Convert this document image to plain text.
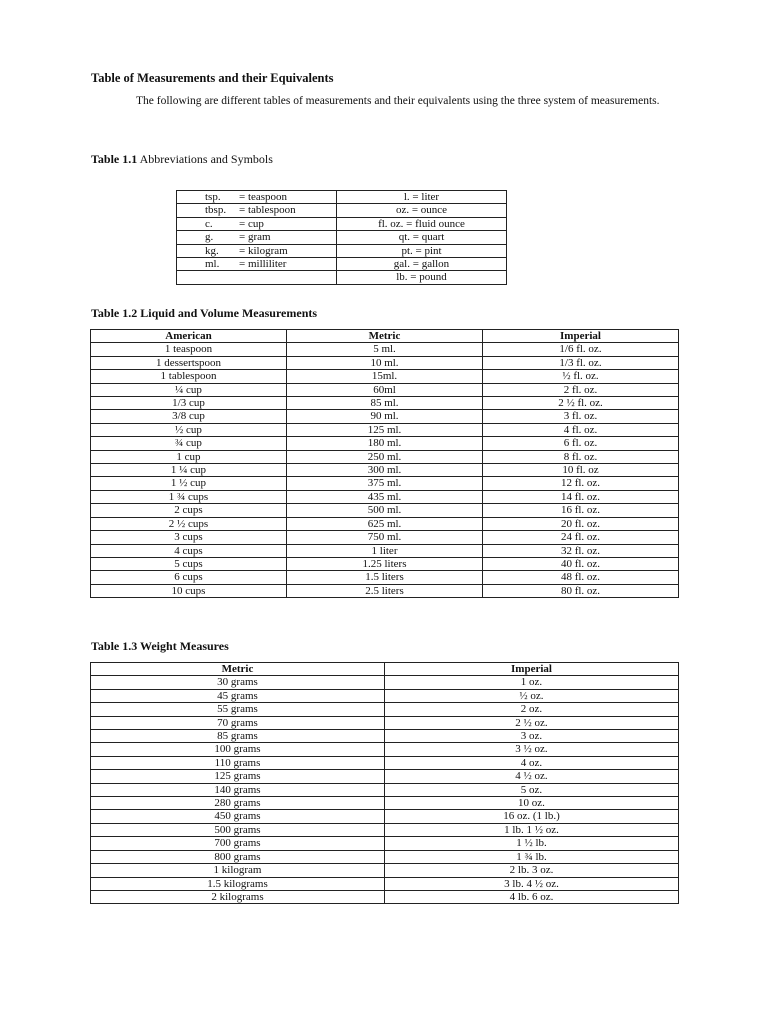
Table of Measurements and their Equivalents

The following are different tables of measurements and their equivalents using the three system of measurements.

Table 1.1 Abbreviations and Symbols
tsp. = teaspoon	l. = liter
tbsp. = tablespoon	oz. = ounce
c. = cup	fl. oz. = fluid ounce
g. = gram	qt. = quart
kg. = kilogram	pt. = pint
ml. = milliliter	gal. = gallon
	lb. = pound
Table 1.2 Liquid and Volume Measurements
American	Metric	Imperial
1 teaspoon	5 ml.	1/6 fl. oz.
1 dessertspoon	10 ml.	1/3 fl. oz.
1 tablespoon	15ml.	½ fl. oz.
¼ cup	60ml	2 fl. oz.
1/3 cup	85 ml.	2 ½ fl. oz.
3/8 cup	90 ml.	3 fl. oz.
½ cup	125 ml.	4 fl. oz.
¾ cup	180 ml.	6 fl. oz.
1 cup	250 ml.	8 fl. oz.
1 ¼ cup	300 ml.	10 fl. oz
1 ½ cup	375 ml.	12 fl. oz.
1 ¾ cups	435 ml.	14 fl. oz.
2 cups	500 ml.	16 fl. oz.
2 ½ cups	625 ml.	20 fl. oz.
3 cups	750 ml.	24 fl. oz.
4 cups	1 liter	32 fl. oz.
5 cups	1.25 liters	40 fl. oz.
6 cups	1.5 liters	48 fl. oz.
10 cups	2.5 liters	80 fl. oz.
Table 1.3 Weight Measures
Metric	Imperial
30 grams	1 oz.
45 grams	½ oz.
55 grams	2 oz.
70 grams	2 ½ oz.
85 grams	3 oz.
100 grams	3 ½ oz.
110 grams	4 oz.
125 grams	4 ½ oz.
140 grams	5 oz.
280 grams	10 oz.
450 grams	16 oz. (1 lb.)
500 grams	1 lb. 1 ½ oz.
700 grams	1 ½ lb.
800 grams	1 ¾ lb.
1 kilogram	2 lb. 3 oz.
1.5 kilograms	3 lb. 4 ½ oz.
2 kilograms	4 lb. 6 oz.
